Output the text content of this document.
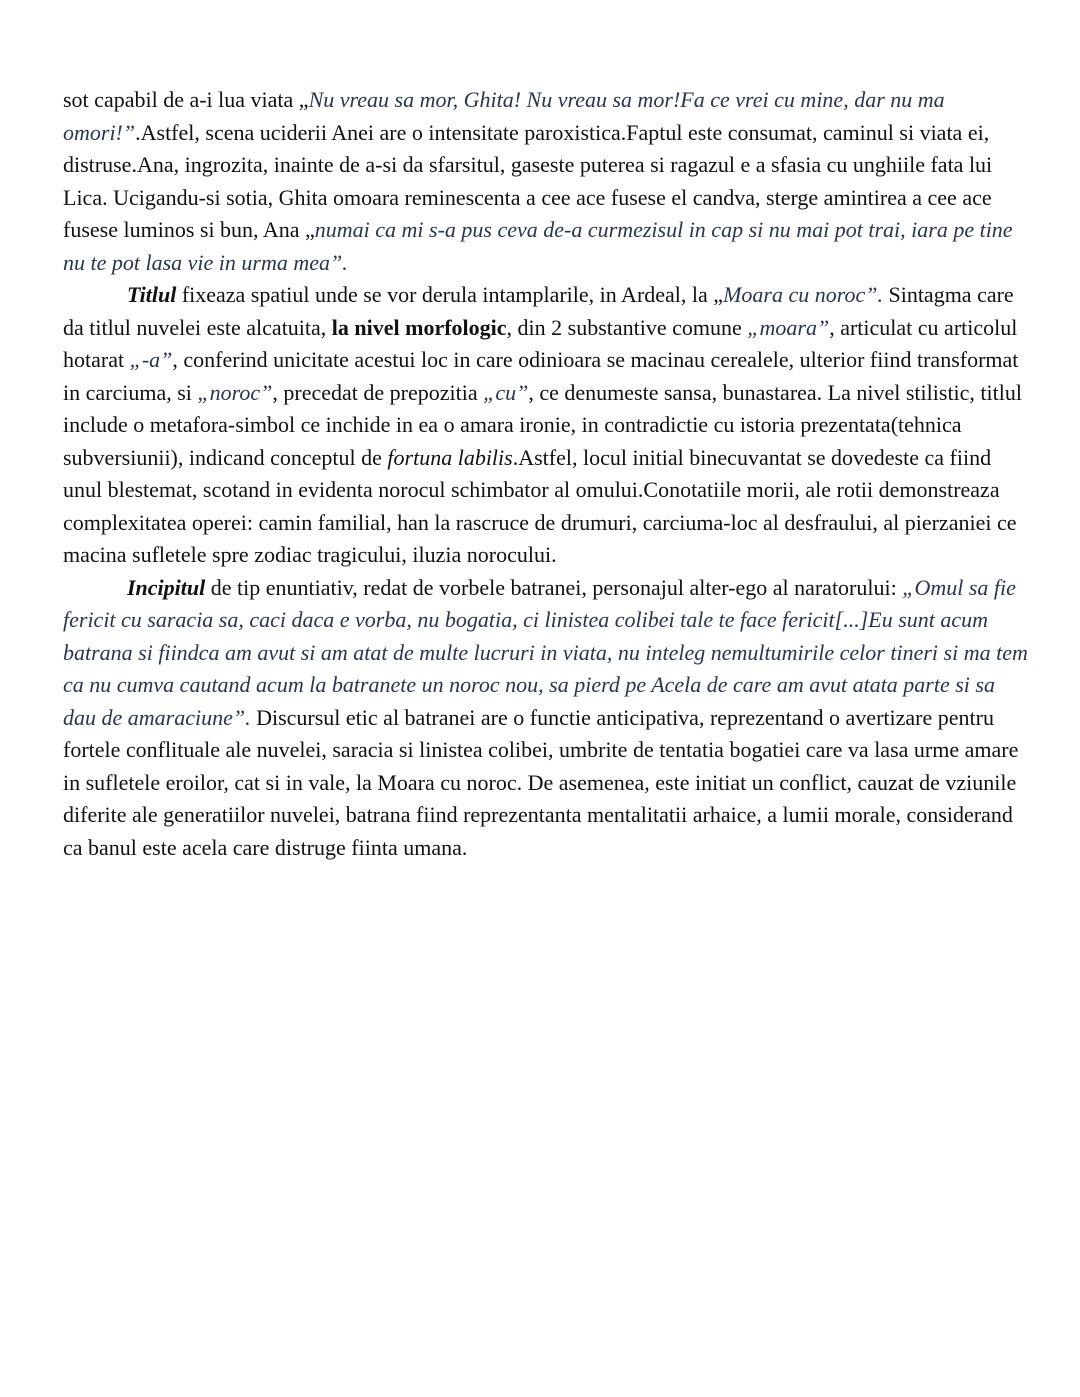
sot capabil de a-i lua viata „Nu vreau sa mor, Ghita! Nu vreau sa mor!Fa ce vrei cu mine, dar nu ma omori!”.Astfel, scena uciderii Anei are o intensitate paroxistica.Faptul este consumat, caminul si viata ei, distruse.Ana, ingrozita, inainte de a-si da sfarsitul, gaseste puterea si ragazul e a sfasia cu unghiile fata lui Lica. Ucigandu-si sotia, Ghita omoara reminescenta a cee ace fusese el candva, sterge amintirea a cee ace fusese luminos si bun, Ana „numai ca mi s-a pus ceva de-a curmezisul in cap si nu mai pot trai, iara pe tine nu te pot lasa vie in urma mea”.

Titlul fixeaza spatiul unde se vor derula intamplarile, in Ardeal, la „Moara cu noroc”. Sintagma care da titlul nuvelei este alcatuita, la nivel morfologic, din 2 substantive comune „moara”, articulat cu articolul hotarat „-a”, conferind unicitate acestui loc in care odinioara se macinau cerealele, ulterior fiind transformat in carciuma, si „noroc”, precedat de prepozitia „cu”, ce denumeste sansa, bunastarea. La nivel stilistic, titlul include o metafora-simbol ce inchide in ea o amara ironie, in contradictie cu istoria prezentata(tehnica subversiunii), indicand conceptul de fortuna labilis.Astfel, locul initial binecuvantat se dovedeste ca fiind unul blestemat, scotand in evidenta norocul schimbator al omului.Conotatiile morii, ale rotii demonstreaza complexitatea operei: camin familial, han la rascruce de drumuri, carciuma-loc al desfraului, al pierzaniei ce macina sufletele spre zodiac tragicului, iluzia norocului.

Incipitul de tip enuntiativ, redat de vorbele batranei, personajul alter-ego al naratorului: „Omul sa fie fericit cu saracia sa, caci daca e vorba, nu bogatia, ci linistea colibei tale te face fericit[...]Eu sunt acum batrana si fiindca am avut si am atat de multe lucruri in viata, nu inteleg nemultumirile celor tineri si ma tem ca nu cumva cautand acum la batranete un noroc nou, sa pierd pe Acela de care am avut atata parte si sa dau de amaraciune”. Discursul etic al batranei are o functie anticipativa, reprezentand o avertizare pentru fortele conflituale ale nuvelei, saracia si linistea colibei, umbrite de tentatia bogatiei care va lasa urme amare in sufletele eroilor, cat si in vale, la Moara cu noroc. De asemenea, este initiat un conflict, cauzat de vziunile diferite ale generatiilor nuvelei, batrana fiind reprezentanta mentalitatii arhaice, a lumii morale, considerand ca banul este acela care distruge fiinta umana.
